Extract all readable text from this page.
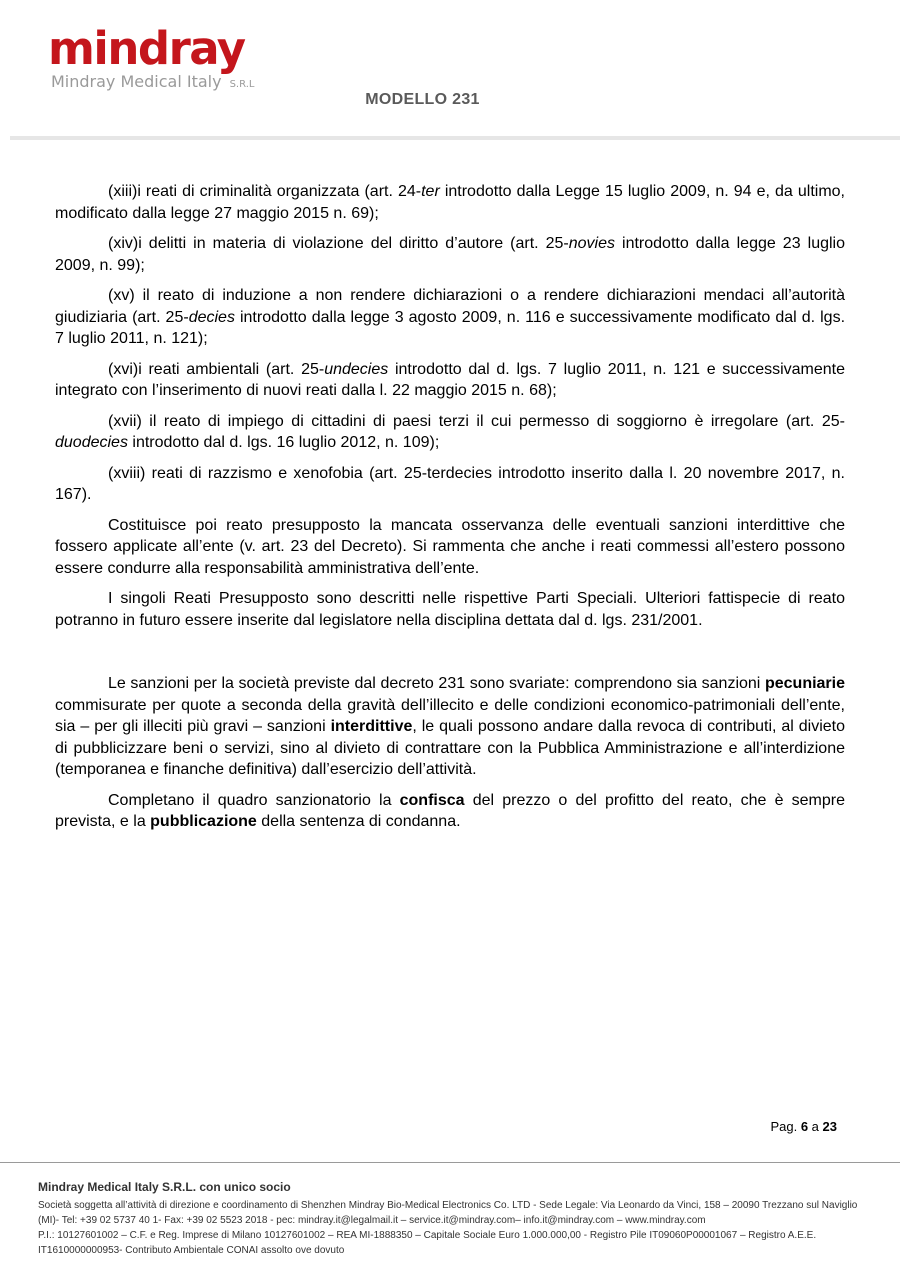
mindray
Mindray Medical Italy S.R.L
MODELLO 231

(xiii)i reati di criminalità organizzata (art. 24-ter introdotto dalla Legge 15 luglio 2009, n. 94 e, da ultimo, modificato dalla legge 27 maggio 2015 n. 69);

(xiv)i delitti in materia di violazione del diritto d’autore (art. 25-novies introdotto dalla legge 23 luglio 2009, n. 99);

(xv) il reato di induzione a non rendere dichiarazioni o a rendere dichiarazioni mendaci all’autorità giudiziaria (art. 25-decies introdotto dalla legge 3 agosto 2009, n. 116 e successivamente modificato dal d. lgs. 7 luglio 2011, n. 121);

(xvi)i reati ambientali (art. 25-undecies introdotto dal d. lgs. 7 luglio 2011, n. 121 e successivamente integrato con l’inserimento di nuovi reati dalla l. 22 maggio 2015 n. 68);

(xvii) il reato di impiego di cittadini di paesi terzi il cui permesso di soggiorno è irregolare (art. 25-duodecies introdotto dal d. lgs. 16 luglio 2012, n. 109);

(xviii) reati di razzismo e xenofobia (art. 25-terdecies introdotto inserito dalla l. 20 novembre 2017, n. 167).

Costituisce poi reato presupposto la mancata osservanza delle eventuali sanzioni interdittive che fossero applicate all’ente (v. art. 23 del Decreto). Si rammenta che anche i reati commessi all’estero possono essere condurre alla responsabilità amministrativa dell’ente.

I singoli Reati Presupposto sono descritti nelle rispettive Parti Speciali. Ulteriori fattispecie di reato potranno in futuro essere inserite dal legislatore nella disciplina dettata dal d. lgs. 231/2001.

Le sanzioni per la società previste dal decreto 231 sono svariate: comprendono sia sanzioni pecuniarie commisurate per quote a seconda della gravità dell’illecito e delle condizioni economico-patrimoniali dell’ente, sia – per gli illeciti più gravi – sanzioni interdittive, le quali possono andare dalla revoca di contributi, al divieto di pubblicizzare beni o servizi, sino al divieto di contrattare con la Pubblica Amministrazione e all’interdizione (temporanea e finanche definitiva) dall’esercizio dell’attività.

Completano il quadro sanzionatorio la confisca del prezzo o del profitto del reato, che è sempre prevista, e la pubblicazione della sentenza di condanna.

Pag. 6 a 23
Mindray Medical Italy S.R.L. con unico socio
Società soggetta all’attività di direzione e coordinamento di Shenzhen Mindray Bio-Medical Electronics Co. LTD - Sede Legale: Via Leonardo da Vinci, 158 – 20090 Trezzano sul Naviglio (MI)- Tel: +39 02 5737 40 1- Fax: +39 02 5523 2018 - pec: mindray.it@legalmail.it – service.it@mindray.com– info.it@mindray.com – www.mindray.com
P.I.: 10127601002 – C.F. e Reg. Imprese di Milano 10127601002 – REA MI-1888350 – Capitale Sociale Euro 1.000.000,00 - Registro Pile IT09060P00001067 – Registro A.E.E. IT1610000000953- Contributo Ambientale CONAI assolto ove dovuto
